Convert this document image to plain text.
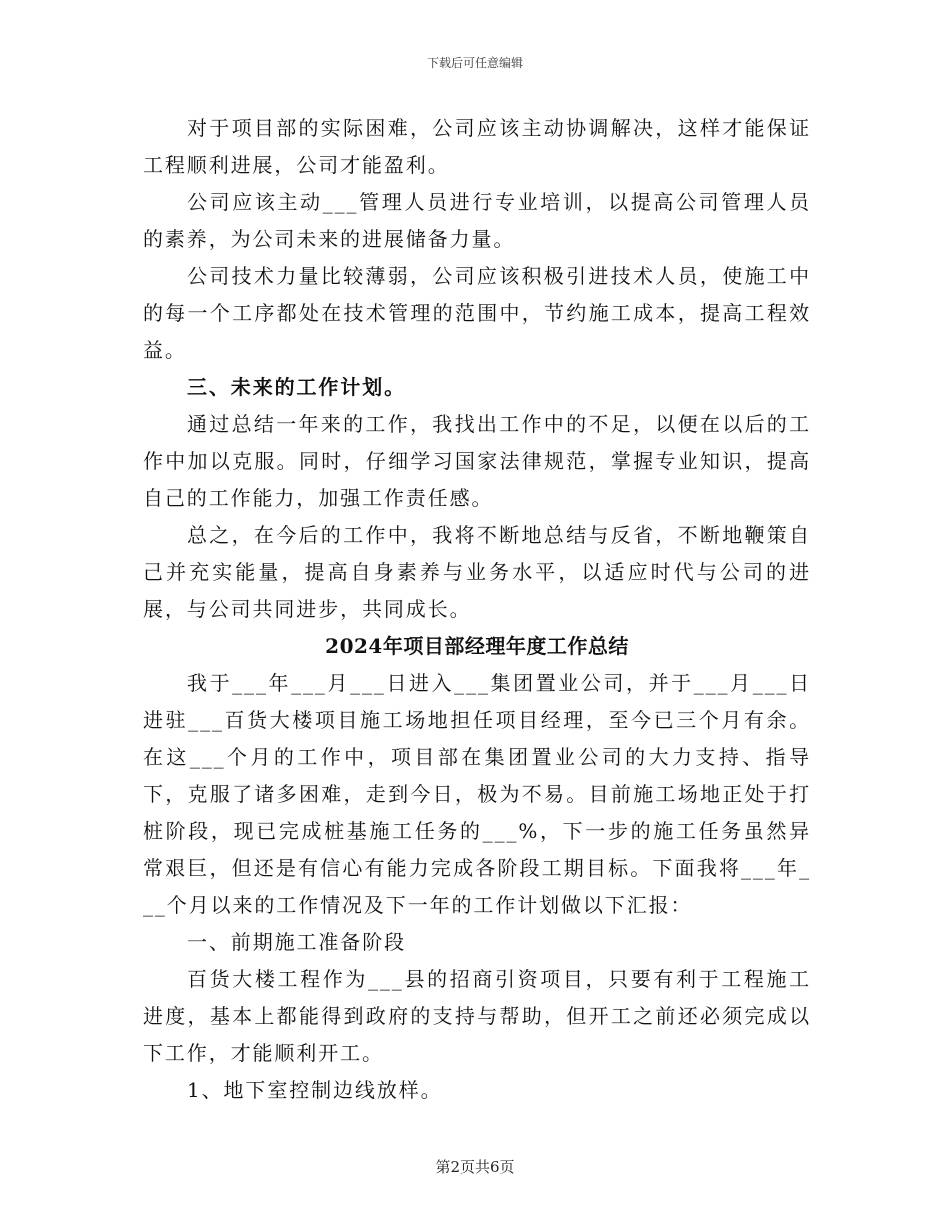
下载后可任意编辑

对于项目部的实际困难，公司应该主动协调解决，这样才能保证工程顺利进展，公司才能盈利。

公司应该主动___管理人员进行专业培训，以提高公司管理人员的素养，为公司未来的进展储备力量。

公司技术力量比较薄弱，公司应该积极引进技术人员，使施工中的每一个工序都处在技术管理的范围中，节约施工成本，提高工程效益。

三、未来的工作计划。

通过总结一年来的工作，我找出工作中的不足，以便在以后的工作中加以克服。同时，仔细学习国家法律规范，掌握专业知识，提高自己的工作能力，加强工作责任感。

总之，在今后的工作中，我将不断地总结与反省，不断地鞭策自己并充实能量，提高自身素养与业务水平，以适应时代与公司的进展，与公司共同进步，共同成长。

2024年项目部经理年度工作总结

我于___年___月___日进入___集团置业公司，并于___月___日进驻___百货大楼项目施工场地担任项目经理，至今已三个月有余。在这___个月的工作中，项目部在集团置业公司的大力支持、指导下，克服了诸多困难，走到今日，极为不易。目前施工场地正处于打桩阶段，现已完成桩基施工任务的___%，下一步的施工任务虽然异常艰巨，但还是有信心有能力完成各阶段工期目标。下面我将___年___个月以来的工作情况及下一年的工作计划做以下汇报：

一、前期施工准备阶段

百货大楼工程作为___县的招商引资项目，只要有利于工程施工进度，基本上都能得到政府的支持与帮助，但开工之前还必须完成以下工作，才能顺利开工。

1、地下室控制边线放样。

第2页共6页
